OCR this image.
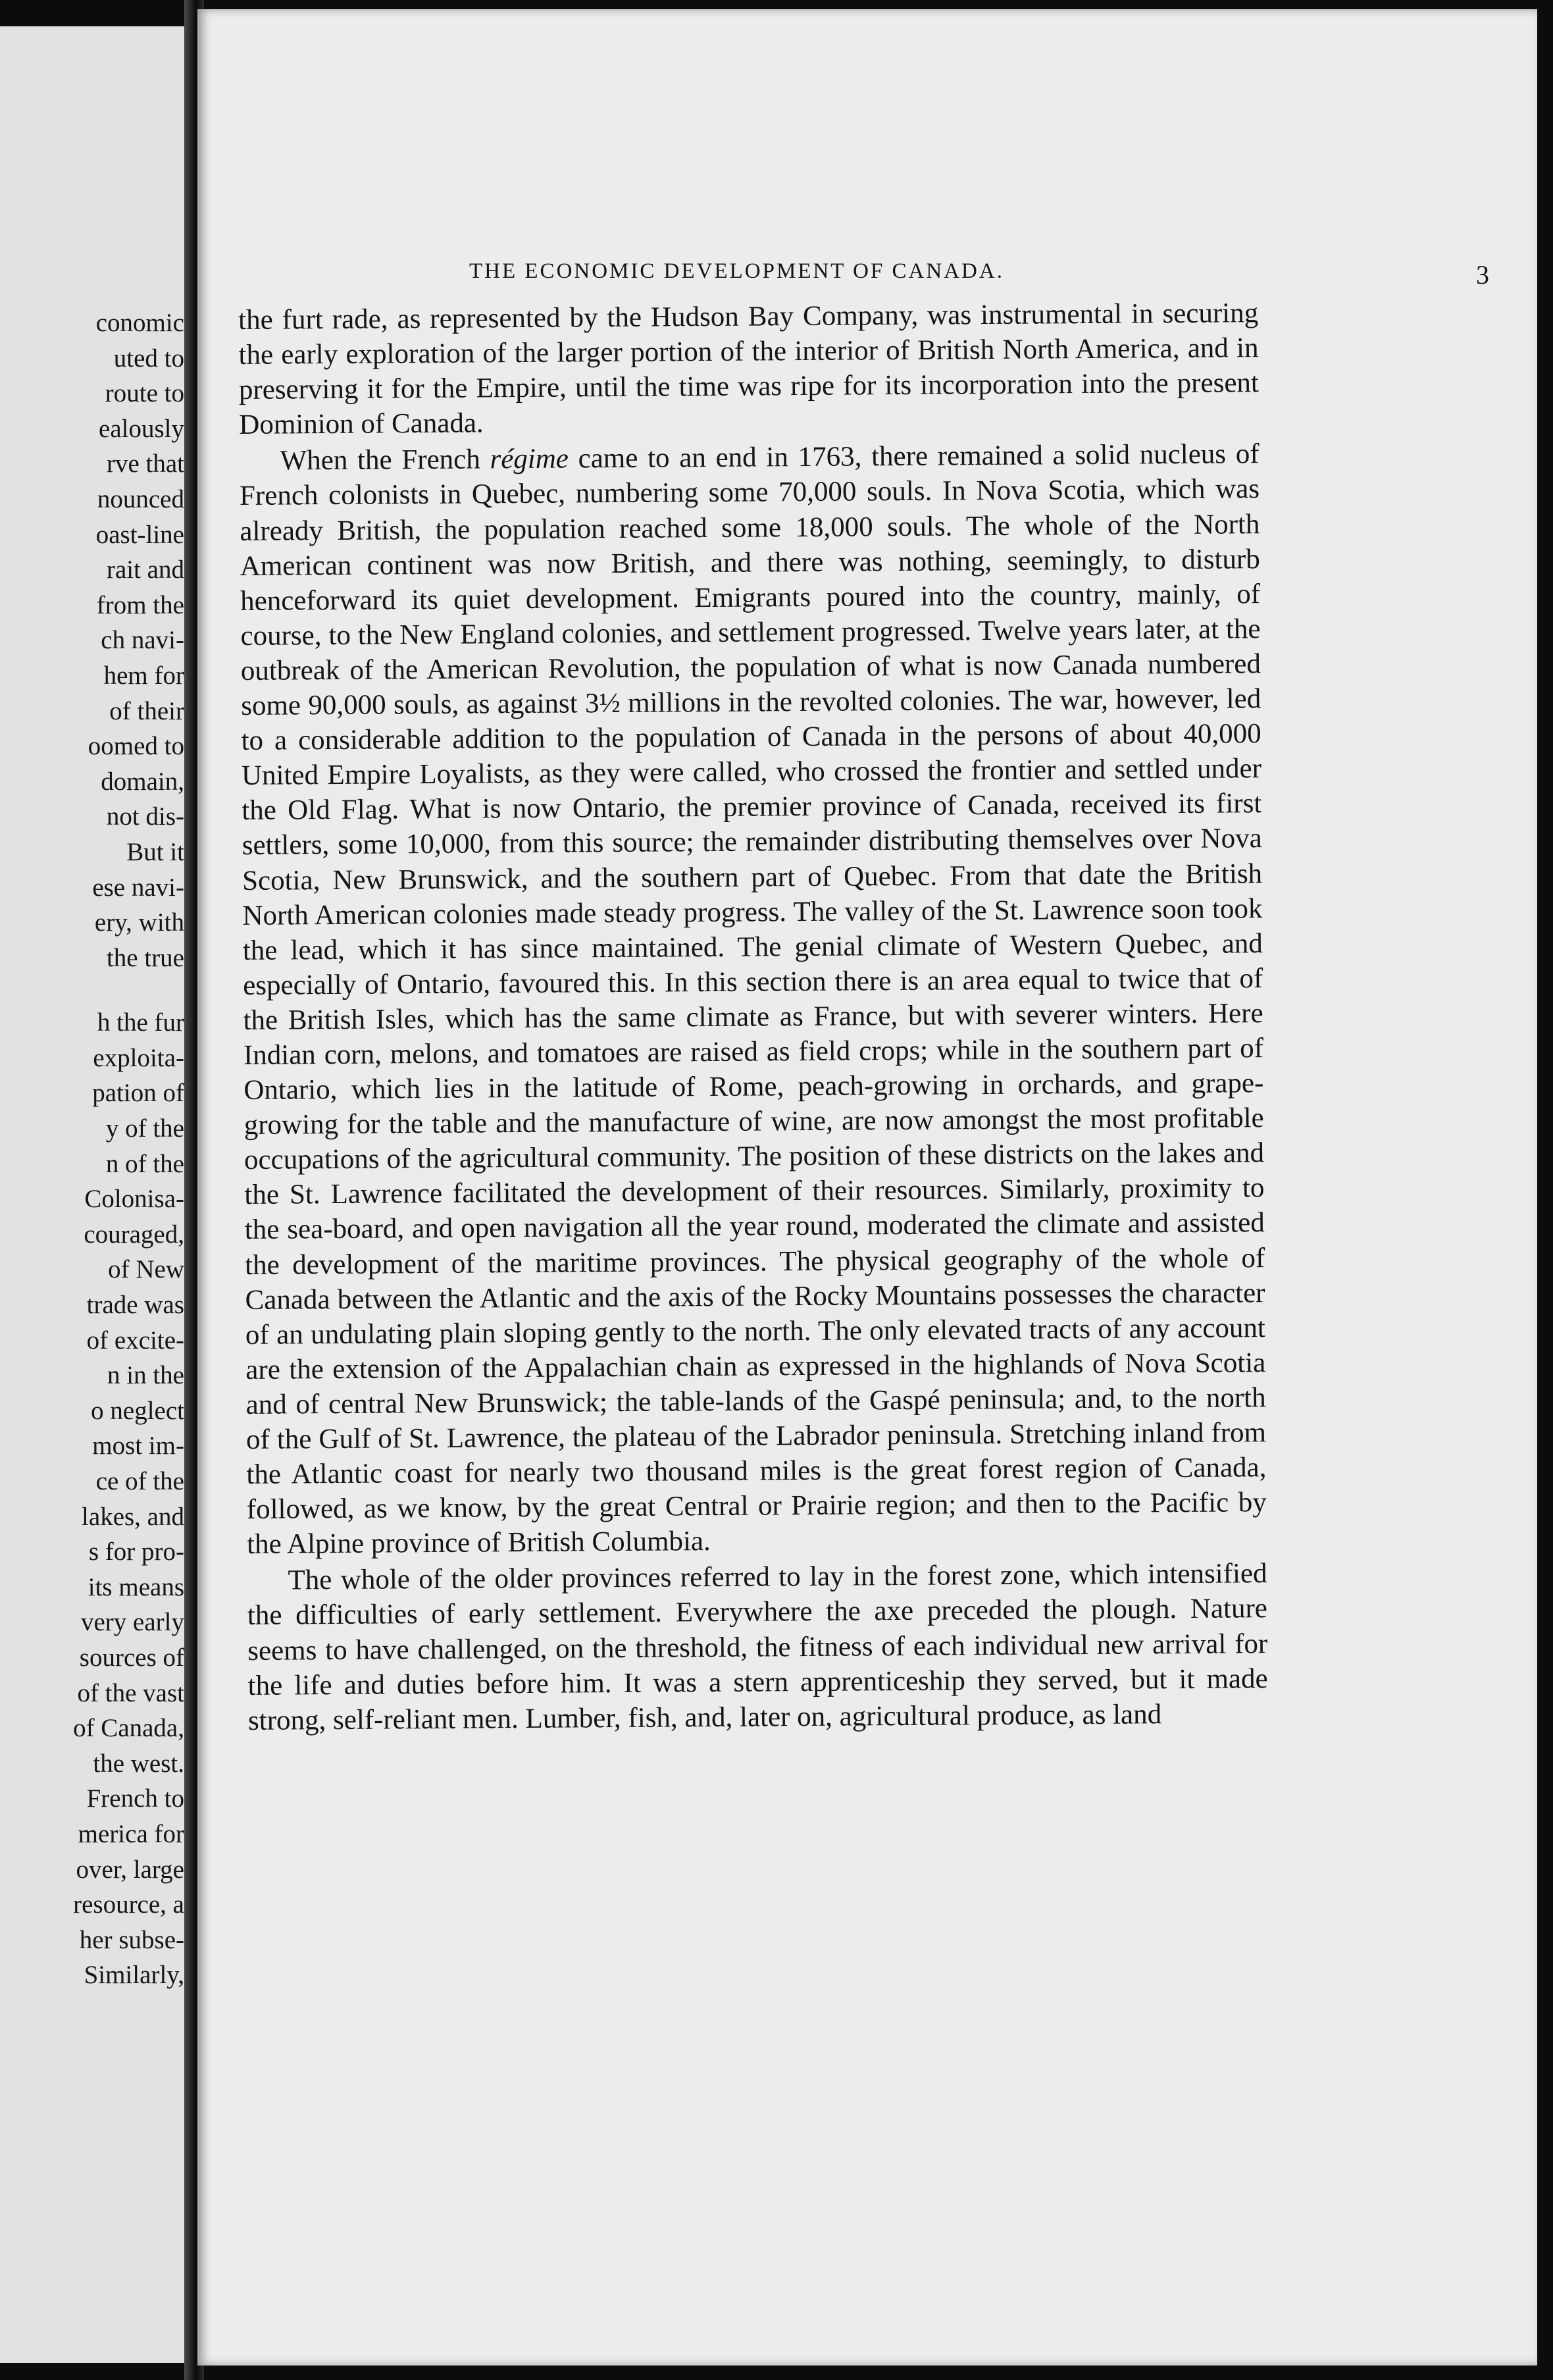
conomic
uted to
route to
ealously
rve that
nounced
oast-line
rait and
from the
ch navi-
hem for
of their
oomed to
domain,
not dis-
But it
ese navi-
ery, with
the true
h the fur
exploita-
pation of
y of the
n of the
Colonisa-
couraged,
of New
trade was
of excite-
n in the
o neglect
most im-
ce of the
lakes, and
s for pro-
its means
very early
sources of
of the vast
of Canada,
the west.
French to
merica for
over, large
resource, a
her subse-
Similarly,
THE ECONOMIC DEVELOPMENT OF CANADA.	3

the furt rade, as represented by the Hudson Bay Company, was instrumental in securing the early exploration of the larger portion of the interior of British North America, and in preserving it for the Empire, until the time was ripe for its incorporation into the present Dominion of Canada.

When the French régime came to an end in 1763, there remained a solid nucleus of French colonists in Quebec, numbering some 70,000 souls. In Nova Scotia, which was already British, the population reached some 18,000 souls. The whole of the North American continent was now British, and there was nothing, seemingly, to disturb henceforward its quiet development. Emigrants poured into the country, mainly, of course, to the New England colonies, and settlement progressed. Twelve years later, at the outbreak of the American Revolution, the population of what is now Canada numbered some 90,000 souls, as against 3½ millions in the revolted colonies. The war, however, led to a considerable addition to the population of Canada in the persons of about 40,000 United Empire Loyalists, as they were called, who crossed the frontier and settled under the Old Flag. What is now Ontario, the premier province of Canada, received its first settlers, some 10,000, from this source; the remainder distributing themselves over Nova Scotia, New Brunswick, and the southern part of Quebec. From that date the British North American colonies made steady progress. The valley of the St. Lawrence soon took the lead, which it has since maintained. The genial climate of Western Quebec, and especially of Ontario, favoured this. In this section there is an area equal to twice that of the British Isles, which has the same climate as France, but with severer winters. Here Indian corn, melons, and tomatoes are raised as field crops; while in the southern part of Ontario, which lies in the latitude of Rome, peach-growing in orchards, and grape-growing for the table and the manufacture of wine, are now amongst the most profitable occupations of the agricultural community. The position of these districts on the lakes and the St. Lawrence facilitated the development of their resources. Similarly, proximity to the sea-board, and open navigation all the year round, moderated the climate and assisted the development of the maritime provinces. The physical geography of the whole of Canada between the Atlantic and the axis of the Rocky Mountains possesses the character of an undulating plain sloping gently to the north. The only elevated tracts of any account are the extension of the Appalachian chain as expressed in the highlands of Nova Scotia and of central New Brunswick; the table-lands of the Gaspé peninsula; and, to the north of the Gulf of St. Lawrence, the plateau of the Labrador peninsula. Stretching inland from the Atlantic coast for nearly two thousand miles is the great forest region of Canada, followed, as we know, by the great Central or Prairie region; and then to the Pacific by the Alpine province of British Columbia.

The whole of the older provinces referred to lay in the forest zone, which intensified the difficulties of early settlement. Everywhere the axe preceded the plough. Nature seems to have challenged, on the threshold, the fitness of each individual new arrival for the life and duties before him. It was a stern apprenticeship they served, but it made strong, self-reliant men. Lumber, fish, and, later on, agricultural produce, as land
